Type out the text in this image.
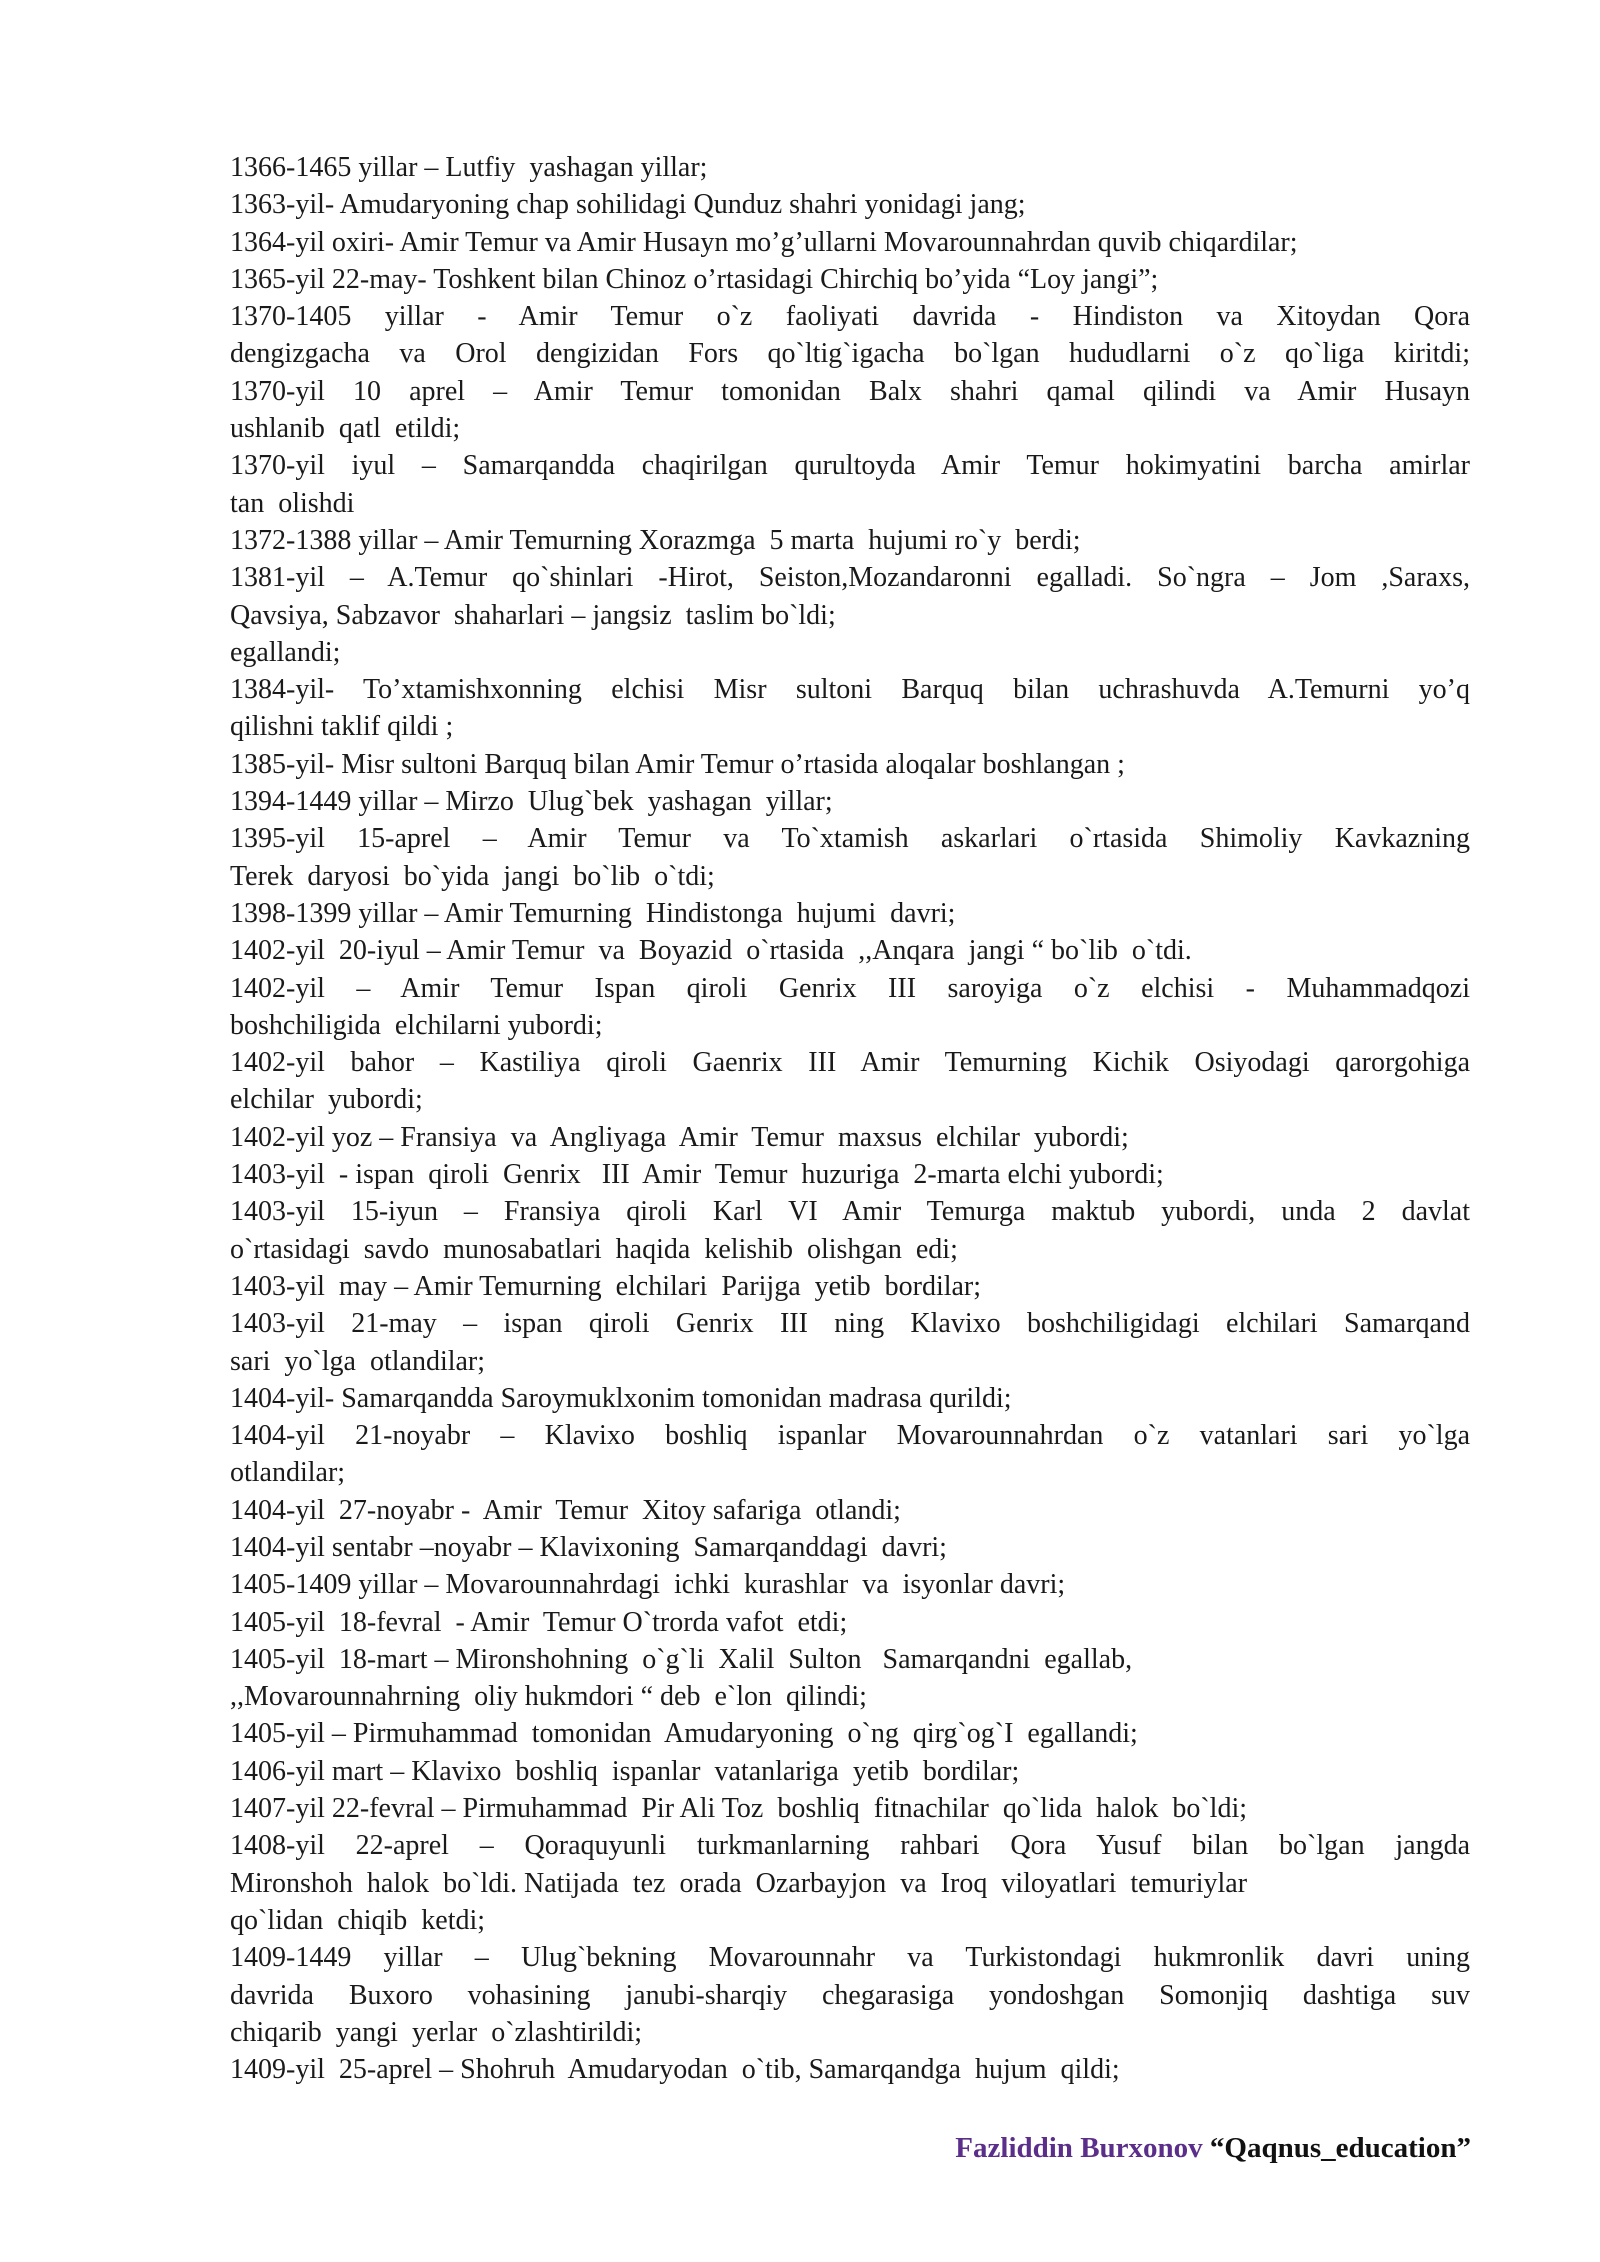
1366-1465 yillar – Lutfiy  yashagan yillar;
1363-yil- Amudaryoning chap sohilidagi Qunduz shahri yonidagi jang;
1364-yil oxiri- Amir Temur va Amir Husayn mo’g’ullarni Movarounnahrdan quvib chiqardilar;
1365-yil 22-may- Toshkent bilan Chinoz o’rtasidagi Chirchiq bo’yida “Loy jangi”;
1370-1405 yillar - Amir Temur o`z faoliyati davrida - Hindiston va Xitoydan Qora
dengizgacha va Orol dengizidan Fors qo`ltig`igacha bo`lgan hududlarni o`z qo`liga kiritdi;
1370-yil 10 aprel – Amir Temur tomonidan Balx shahri qamal qilindi va Amir Husayn
ushlanib  qatl  etildi;
1370-yil iyul – Samarqandda chaqirilgan qurultoyda Amir Temur hokimyatini barcha amirlar
tan  olishdi
1372-1388 yillar – Amir Temurning Xorazmga  5 marta  hujumi ro`y  berdi;
1381-yil – A.Temur qo`shinlari -Hirot, Seiston,Mozandaronni egalladi. So`ngra – Jom ,Saraxs,
Qavsiya, Sabzavor  shaharlari – jangsiz  taslim bo`ldi;
egallandi;
1384-yil- To’xtamishxonning elchisi Misr sultoni Barquq bilan uchrashuvda A.Temurni yo’q
qilishni taklif qildi ;
1385-yil- Misr sultoni Barquq bilan Amir Temur o’rtasida aloqalar boshlangan ;
1394-1449 yillar – Mirzo  Ulug`bek  yashagan  yillar;
1395-yil 15-aprel – Amir Temur va To`xtamish askarlari o`rtasida Shimoliy Kavkazning
Terek  daryosi  bo`yida  jangi  bo`lib  o`tdi;
1398-1399 yillar – Amir Temurning  Hindistonga  hujumi  davri;
1402-yil  20-iyul – Amir Temur  va  Boyazid  o`rtasida  ,,Anqara  jangi “ bo`lib  o`tdi.
1402-yil – Amir Temur Ispan qiroli Genrix III saroyiga o`z elchisi - Muhammadqozi
boshchiligida  elchilarni yubordi;
1402-yil bahor – Kastiliya qiroli Gaenrix III Amir Temurning Kichik Osiyodagi qarorgohiga
elchilar  yubordi;
1402-yil yoz – Fransiya  va  Angliyaga  Amir  Temur  maxsus  elchilar  yubordi;
1403-yil  - ispan  qiroli  Genrix   III  Amir  Temur  huzuriga  2-marta elchi yubordi;
1403-yil 15-iyun – Fransiya qiroli Karl VI Amir Temurga maktub yubordi, unda 2 davlat
o`rtasidagi  savdo  munosabatlari  haqida  kelishib  olishgan  edi;
1403-yil  may – Amir Temurning  elchilari  Parijga  yetib  bordilar;
1403-yil 21-may – ispan qiroli Genrix III ning Klavixo boshchiligidagi elchilari Samarqand
sari  yo`lga  otlandilar;
1404-yil- Samarqandda Saroymuklxonim tomonidan madrasa qurildi;
1404-yil 21-noyabr – Klavixo boshliq ispanlar Movarounnahrdan o`z vatanlari sari yo`lga
otlandilar;
1404-yil  27-noyabr -  Amir  Temur  Xitoy safariga  otlandi;
1404-yil sentabr –noyabr – Klavixoning  Samarqanddagi  davri;
1405-1409 yillar – Movarounnahrdagi  ichki  kurashlar  va  isyonlar davri;
1405-yil  18-fevral  - Amir  Temur O`trorda vafot  etdi;
1405-yil  18-mart – Mironshohning  o`g`li  Xalil  Sulton   Samarqandni  egallab,
,,Movarounnahrning  oliy hukmdori “ deb  e`lon  qilindi;
1405-yil – Pirmuhammad  tomonidan  Amudaryoning  o`ng  qirg`og`I  egallandi;
1406-yil mart – Klavixo  boshliq  ispanlar  vatanlariga  yetib  bordilar;
1407-yil 22-fevral – Pirmuhammad  Pir Ali Toz  boshliq  fitnachilar  qo`lida  halok  bo`ldi;
1408-yil 22-aprel – Qoraquyunli turkmanlarning rahbari Qora Yusuf bilan bo`lgan jangda
Mironshoh  halok  bo`ldi. Natijada  tez  orada  Ozarbayjon  va  Iroq  viloyatlari  temuriylar
qo`lidan  chiqib  ketdi;
1409-1449 yillar – Ulug`bekning Movarounnahr va Turkistondagi hukmronlik davri uning
davrida Buxoro vohasining janubi-sharqiy chegarasiga yondoshgan Somonjiq dashtiga suv
chiqarib  yangi  yerlar  o`zlashtirildi;
1409-yil  25-aprel – Shohruh  Amudaryodan  o`tib, Samarqandga  hujum  qildi;
Fazliddin Burxonov “Qaqnus_education”
